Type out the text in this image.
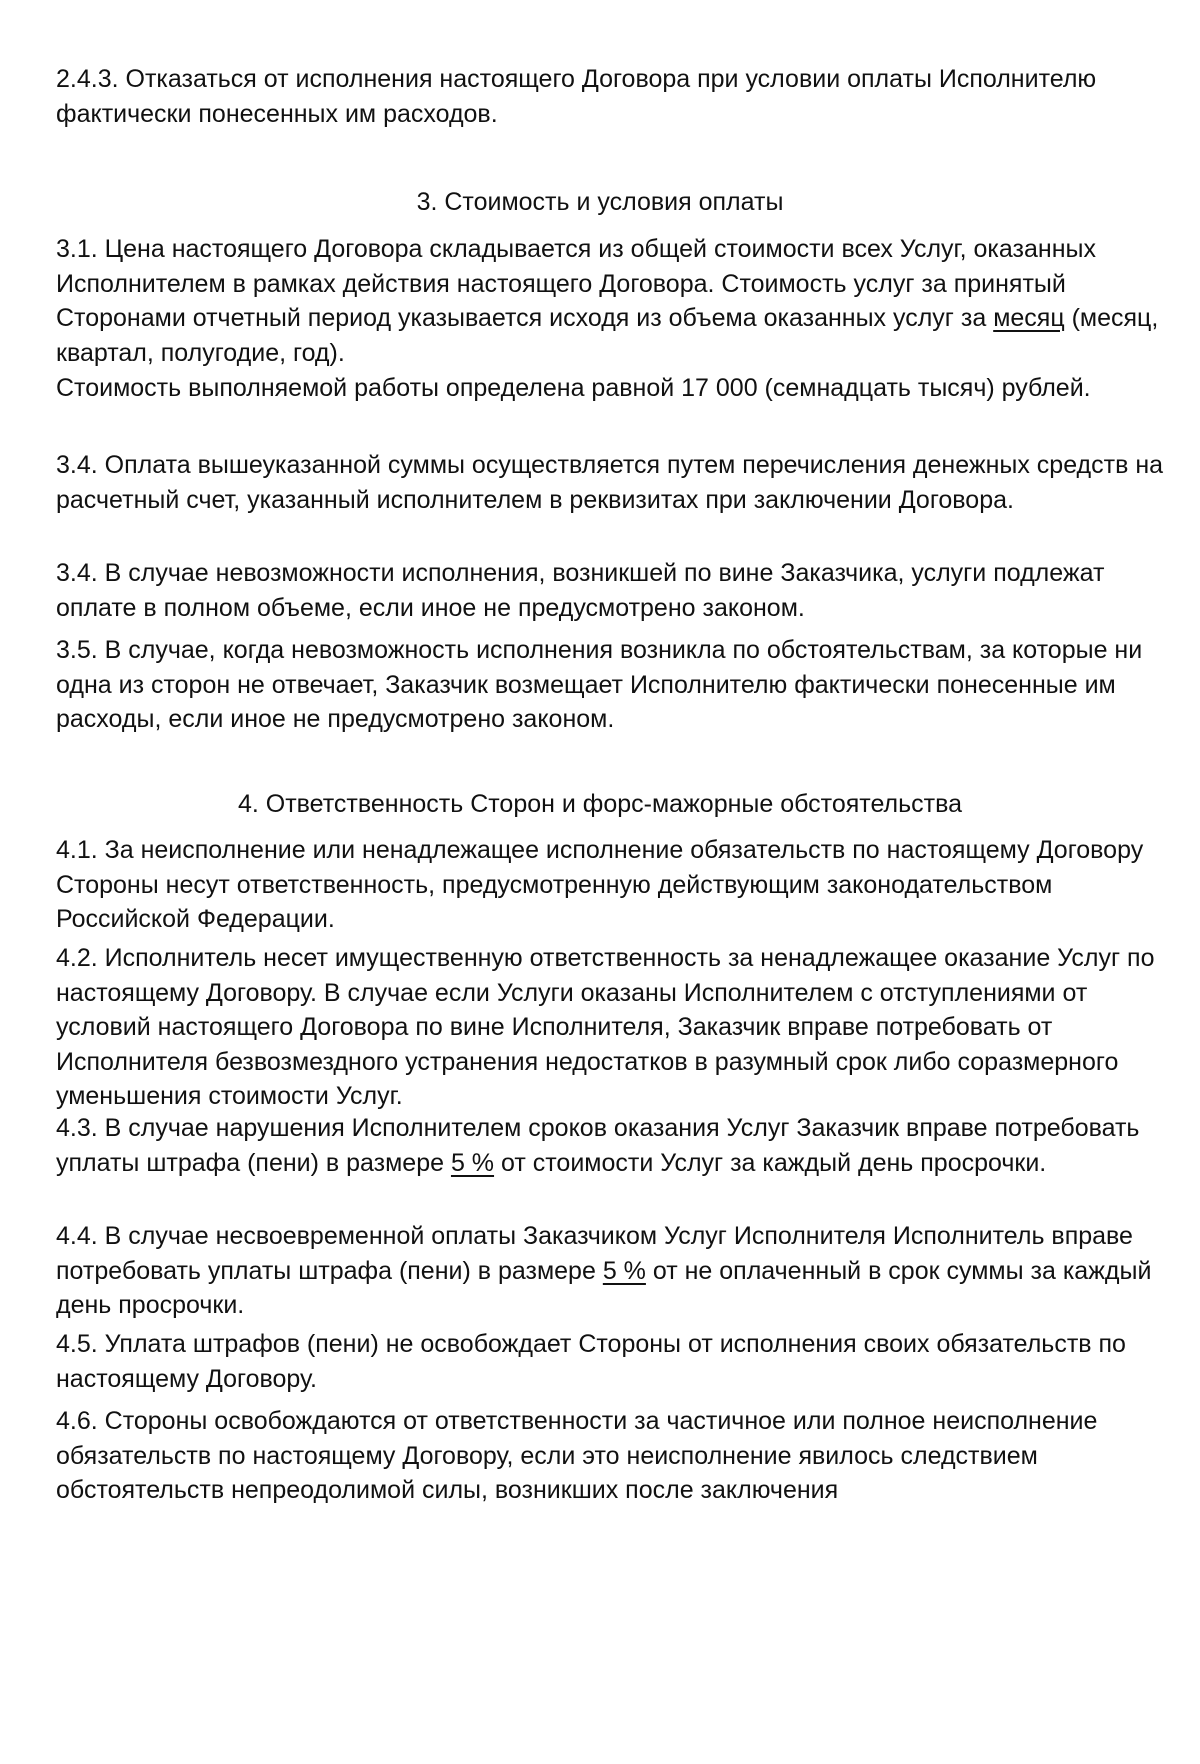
2.4.3. Отказаться от исполнения настоящего Договора при условии оплаты Исполнителю фактически понесенных им расходов.

3. Стоимость и условия оплаты

3.1. Цена настоящего Договора складывается из общей стоимости всех Услуг, оказанных Исполнителем в рамках действия настоящего Договора. Стоимость услуг за принятый Сторонами отчетный период указывается исходя из объема оказанных услуг за месяц (месяц, квартал, полугодие, год).

Стоимость выполняемой работы определена равной 17 000 (семнадцать тысяч) рублей.

3.4. Оплата вышеуказанной суммы осуществляется путем перечисления денежных средств на расчетный счет, указанный исполнителем в реквизитах при заключении Договора.

3.4. В случае невозможности исполнения, возникшей по вине Заказчика, услуги подлежат оплате в полном объеме, если иное не предусмотрено законом.

3.5. В случае, когда невозможность исполнения возникла по обстоятельствам, за которые ни одна из сторон не отвечает, Заказчик возмещает Исполнителю фактически понесенные им расходы, если иное не предусмотрено законом.

4. Ответственность Сторон и форс-мажорные обстоятельства

4.1. За неисполнение или ненадлежащее исполнение обязательств по настоящему Договору Стороны несут ответственность, предусмотренную действующим законодательством Российской Федерации.

4.2. Исполнитель несет имущественную ответственность за ненадлежащее оказание Услуг по настоящему Договору. В случае если Услуги оказаны Исполнителем с отступлениями от условий настоящего Договора по вине Исполнителя, Заказчик вправе потребовать от Исполнителя безвозмездного устранения недостатков в разумный срок либо соразмерного уменьшения стоимости Услуг.

4.3. В случае нарушения Исполнителем сроков оказания Услуг Заказчик вправе потребовать уплаты штрафа (пени) в размере 5 % от стоимости Услуг за каждый день просрочки.

4.4. В случае несвоевременной оплаты Заказчиком Услуг Исполнителя Исполнитель вправе потребовать уплаты штрафа (пени) в размере 5 % от не оплаченный в срок суммы за каждый день просрочки.

4.5. Уплата штрафов (пени) не освобождает Стороны от исполнения своих обязательств по настоящему Договору.

4.6. Стороны освобождаются от ответственности за частичное или полное неисполнение обязательств по настоящему Договору, если это неисполнение явилось следствием обстоятельств непреодолимой силы, возникших после заключения
